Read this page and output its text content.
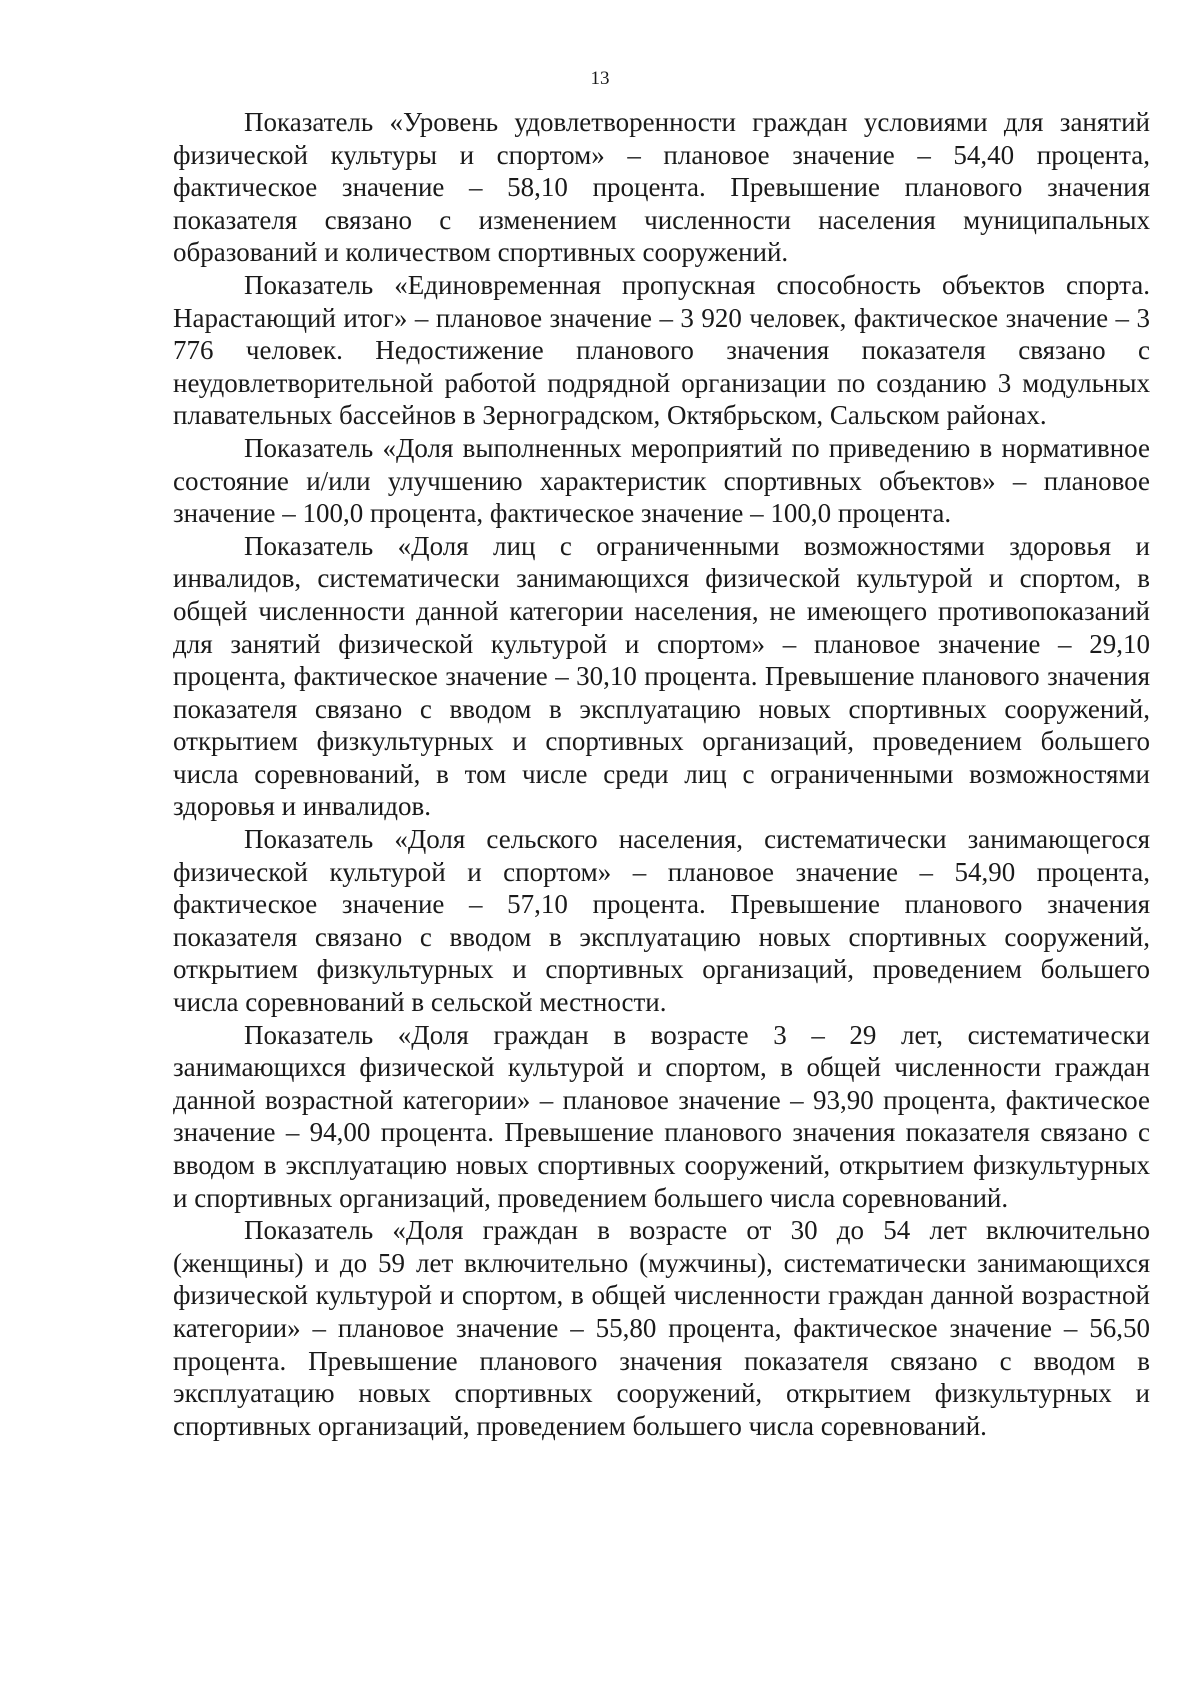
13

Показатель «Уровень удовлетворенности граждан условиями для занятий физической культуры и спортом» – плановое значение – 54,40 процента, фактическое значение – 58,10 процента. Превышение планового значения показателя связано с изменением численности населения муниципальных образований и количеством спортивных сооружений.

Показатель «Единовременная пропускная способность объектов спорта. Нарастающий итог» – плановое значение – 3 920 человек, фактическое значение – 3 776 человек. Недостижение планового значения показателя связано с неудовлетворительной работой подрядной организации по созданию 3 модульных плавательных бассейнов в Зерноградском, Октябрьском, Сальском районах.

Показатель «Доля выполненных мероприятий по приведению в нормативное состояние и/или улучшению характеристик спортивных объектов» – плановое значение – 100,0 процента, фактическое значение – 100,0 процента.

Показатель «Доля лиц с ограниченными возможностями здоровья и инвалидов, систематически занимающихся физической культурой и спортом, в общей численности данной категории населения, не имеющего противопоказаний для занятий физической культурой и спортом» – плановое значение – 29,10 процента, фактическое значение – 30,10 процента. Превышение планового значения показателя связано с вводом в эксплуатацию новых спортивных сооружений, открытием физкультурных и спортивных организаций, проведением большего числа соревнований, в том числе среди лиц с ограниченными возможностями здоровья и инвалидов.

Показатель «Доля сельского населения, систематически занимающегося физической культурой и спортом» – плановое значение – 54,90 процента, фактическое значение – 57,10 процента. Превышение планового значения показателя связано с вводом в эксплуатацию новых спортивных сооружений, открытием физкультурных и спортивных организаций, проведением большего числа соревнований в сельской местности.

Показатель «Доля граждан в возрасте 3 – 29 лет, систематически занимающихся физической культурой и спортом, в общей численности граждан данной возрастной категории» – плановое значение – 93,90 процента, фактическое значение – 94,00 процента. Превышение планового значения показателя связано с вводом в эксплуатацию новых спортивных сооружений, открытием физкультурных и спортивных организаций, проведением большего числа соревнований.

Показатель «Доля граждан в возрасте от 30 до 54 лет включительно (женщины) и до 59 лет включительно (мужчины), систематически занимающихся физической культурой и спортом, в общей численности граждан данной возрастной категории» – плановое значение – 55,80 процента, фактическое значение – 56,50 процента. Превышение планового значения показателя связано с вводом в эксплуатацию новых спортивных сооружений, открытием физкультурных и спортивных организаций, проведением большего числа соревнований.
